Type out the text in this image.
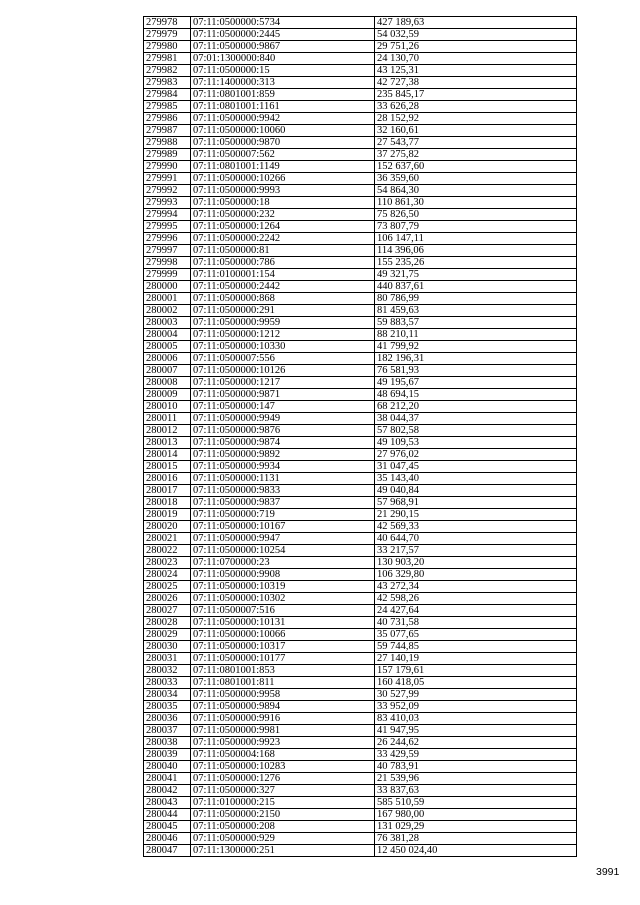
279978	07:11:0500000:5734	427 189,63
279979	07:11:0500000:2445	54 032,59
279980	07:11:0500000:9867	29 751,26
279981	07:01:1300000:840	24 130,70
279982	07:11:0500000:15	43 125,31
279983	07:11:1400000:313	42 727,38
279984	07:11:0801001:859	235 845,17
279985	07:11:0801001:1161	33 626,28
279986	07:11:0500000:9942	28 152,92
279987	07:11:0500000:10060	32 160,61
279988	07:11:0500000:9870	27 543,77
279989	07:11:0500007:562	37 275,82
279990	07:11:0801001:1149	152 637,60
279991	07:11:0500000:10266	36 359,60
279992	07:11:0500000:9993	54 864,30
279993	07:11:0500000:18	110 861,30
279994	07:11:0500000:232	75 826,50
279995	07:11:0500000:1264	73 807,79
279996	07:11:0500000:2242	106 147,11
279997	07:11:0500000:81	114 396,06
279998	07:11:0500000:786	155 235,26
279999	07:11:0100001:154	49 321,75
280000	07:11:0500000:2442	440 837,61
280001	07:11:0500000:868	80 786,99
280002	07:11:0500000:291	81 459,63
280003	07:11:0500000:9959	59 883,57
280004	07:11:0500000:1212	88 210,11
280005	07:11:0500000:10330	41 799,92
280006	07:11:0500007:556	182 196,31
280007	07:11:0500000:10126	76 581,93
280008	07:11:0500000:1217	49 195,67
280009	07:11:0500000:9871	48 694,15
280010	07:11:0500000:147	68 212,20
280011	07:11:0500000:9949	38 044,37
280012	07:11:0500000:9876	57 802,58
280013	07:11:0500000:9874	49 109,53
280014	07:11:0500000:9892	27 976,02
280015	07:11:0500000:9934	31 047,45
280016	07:11:0500000:1131	35 143,40
280017	07:11:0500000:9833	49 040,84
280018	07:11:0500000:9837	57 968,91
280019	07:11:0500000:719	21 290,15
280020	07:11:0500000:10167	42 569,33
280021	07:11:0500000:9947	40 644,70
280022	07:11:0500000:10254	33 217,57
280023	07:11:0700000:23	130 903,20
280024	07:11:0500000:9908	106 329,80
280025	07:11:0500000:10319	43 272,34
280026	07:11:0500000:10302	42 598,26
280027	07:11:0500007:516	24 427,64
280028	07:11:0500000:10131	40 731,58
280029	07:11:0500000:10066	35 077,65
280030	07:11:0500000:10317	59 744,85
280031	07:11:0500000:10177	27 140,19
280032	07:11:0801001:853	157 179,61
280033	07:11:0801001:811	160 418,05
280034	07:11:0500000:9958	30 527,99
280035	07:11:0500000:9894	33 952,09
280036	07:11:0500000:9916	83 410,03
280037	07:11:0500000:9981	41 947,95
280038	07:11:0500000:9923	26 244,62
280039	07:11:0500004:168	33 429,59
280040	07:11:0500000:10283	40 783,91
280041	07:11:0500000:1276	21 539,96
280042	07:11:0500000:327	33 837,63
280043	07:11:0100000:215	585 510,59
280044	07:11:0500000:2150	167 980,00
280045	07:11:0500000:208	131 029,29
280046	07:11:0500000:929	76 381,28
280047	07:11:1300000:251	12 450 024,40
3991
